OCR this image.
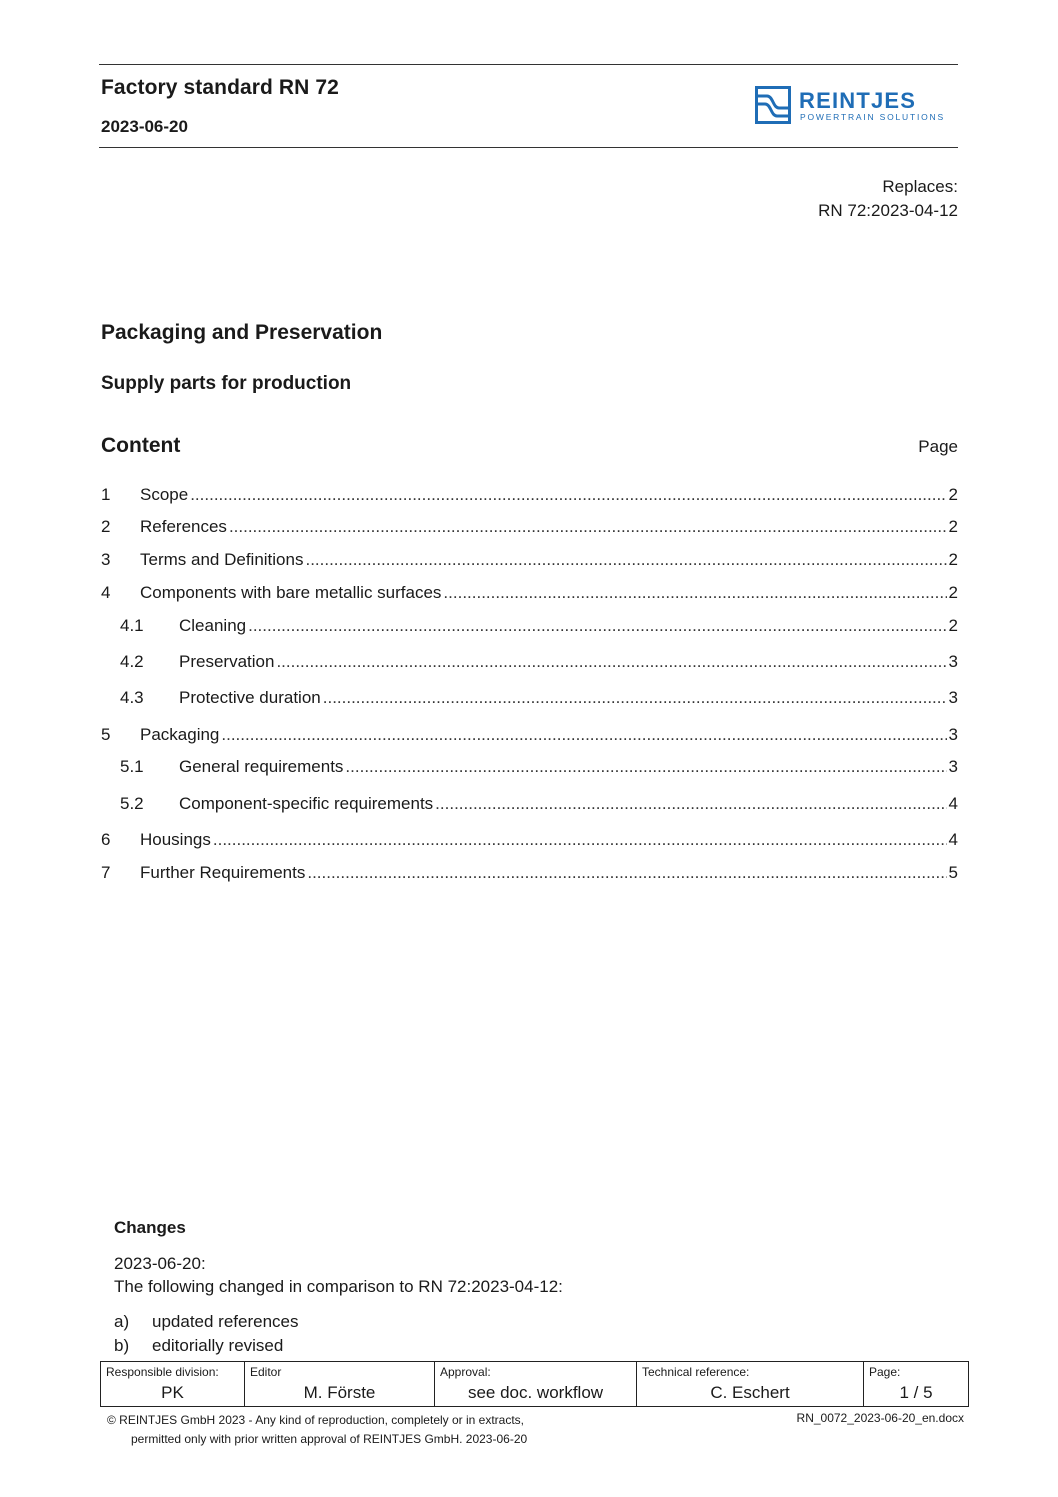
Factory standard RN 72
2023-06-20
REINTJES
POWERTRAIN SOLUTIONS
Replaces:
RN 72:2023-04-12
Packaging and Preservation
Supply parts for production
Content	Page
1 Scope .....	2
2 References .....	2
3 Terms and Definitions .....	2
4 Components with bare metallic surfaces .....	2
4.1 Cleaning .....	2
4.2 Preservation .....	3
4.3 Protective duration .....	3
5 Packaging .....	3
5.1 General requirements .....	3
5.2 Component-specific requirements .....	4
6 Housings .....	4
7 Further Requirements .....	5
Changes
2023-06-20:
The following changed in comparison to RN 72:2023-04-12:
a) updated references
b) editorially revised
Responsible division:
PK

Editor
M. Förste

Approval:
see doc. workflow

Technical reference:
C. Eschert

Page:
1 / 5
© REINTJES GmbH 2023 - Any kind of reproduction, completely or in extracts,
permitted only with prior written approval of REINTJES GmbH. 2023-06-20
RN_0072_2023-06-20_en.docx
